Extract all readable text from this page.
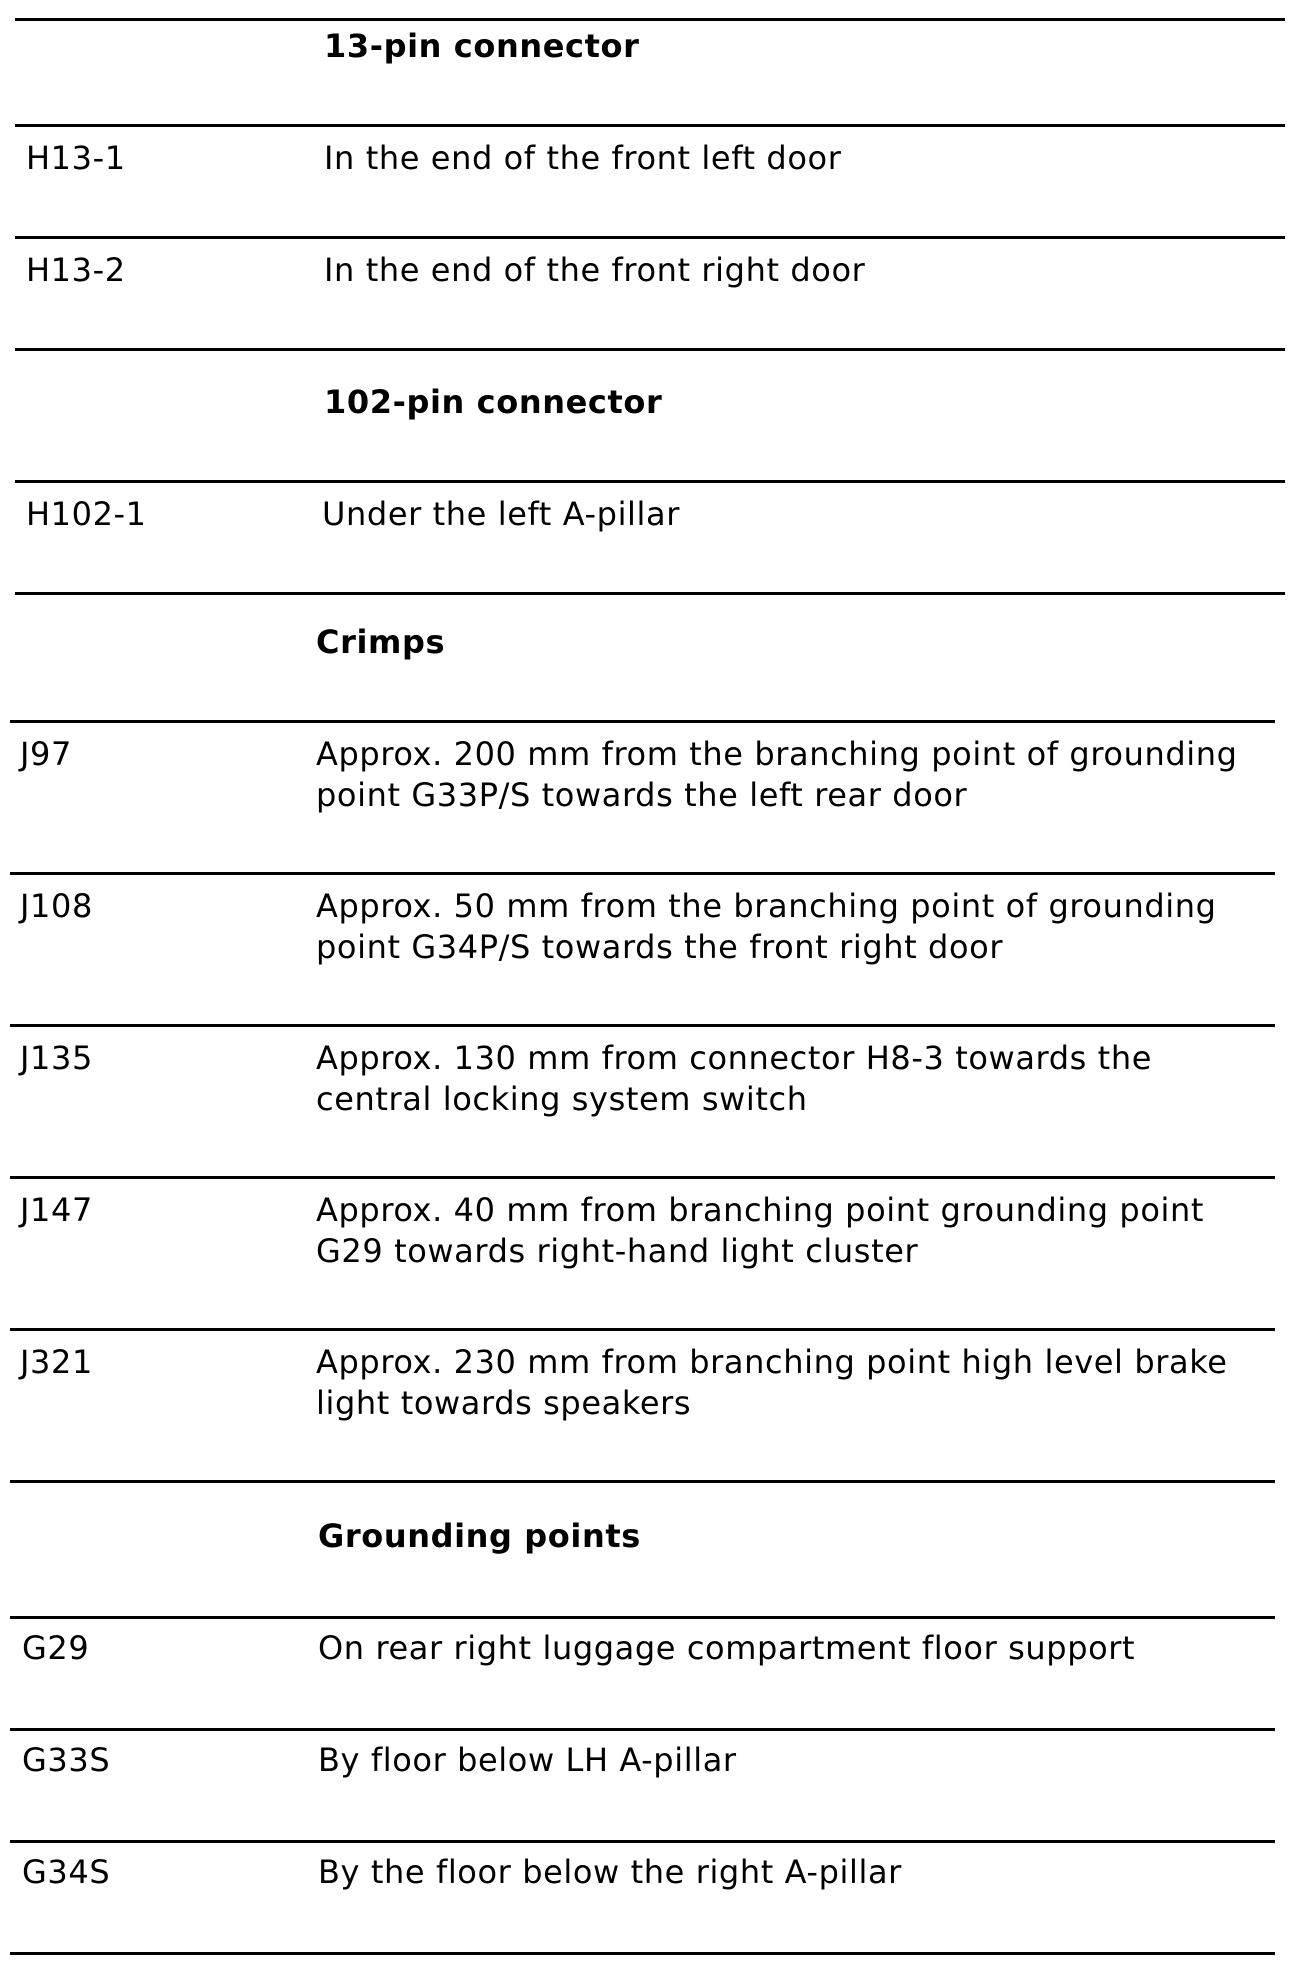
13-pin connector
H13-1	In the end of the front left door
H13-2	In the end of the front right door
102-pin connector
H102-1	Under the left A-pillar
Crimps
J97	Approx. 200 mm from the branching point of grounding
point G33P/S towards the left rear door
J108	Approx. 50 mm from the branching point of grounding
point G34P/S towards the front right door
J135	Approx. 130 mm from connector H8-3 towards the
central locking system switch
J147	Approx. 40 mm from branching point grounding point
G29 towards right-hand light cluster
J321	Approx. 230 mm from branching point high level brake
light towards speakers
Grounding points
G29	On rear right luggage compartment floor support
G33S	By floor below LH A-pillar
G34S	By the floor below the right A-pillar
